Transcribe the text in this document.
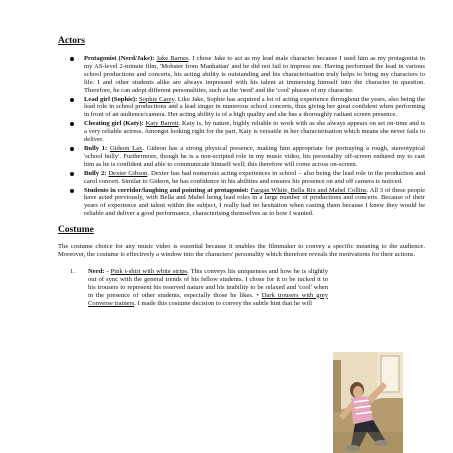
Actors
Protagonist (Nerd/Jake): Jake Barnes. I chose Jake to act as my lead male character because I used him as my protagonist in my AS-level 2-minute film, 'Mobster from Manhattan' and he did not fail to impress me. Having performed the lead in various school productions and concerts, his acting ability is outstanding and his characterisation truly helps to bring my characters to life. I and other students alike are always impressed with his talent at immersing himself into the character in question. Therefore, he can adopt different personalities, such as the 'nerd' and the 'cool' phases of my character.
Lead girl (Sophie): Sophie Carey. Like Jake, Sophie has acquired a lot of acting experience throughout the years, also being the lead role in school productions and a lead singer in numerous school concerts, thus giving her great confident when performing in front of an audience/camera. Her acting ability is of a high quality and she has a thoroughly radiant screen presence.
Cheating girl (Katy): Katy Barrett. Katy is, by nature, highly reliable to work with as she always appears on set on-time and is a very reliable actress. Amongst looking right for the part, Katy is versatile in her characterisation which means she never fails to deliver.
Bully 1: Gideon Lax. Gideon has a strong physical presence, making him appropriate for portraying a rough, stereotypical 'school bully'. Furthermore, though he is a non-scripted role in my music video, his personality off-screen endured my to cast him as he is confident and able to communicate himself well; this therefore will come across on-screen.
Bully 2: Dexter Gibson. Dexter has had numerous acting experiences in school – also being the lead role in the production and carol concert. Similar to Gideon, he has confidence in his abilities and ensures his presence on and off camera is noticed.
Students in corridor/laughing and pointing at protagonist: Faegan White, Bella Rix and Mabel Collins. All 3 of these people have acted previously, with Bella and Mabel being lead roles in a large number of productions and concerts. Because of their years of experience and talent within the subject, I really had no hesitation when casting them because I knew they would be reliable and deliver a good performance, characterising themselves as to how I wanted.
Costume

The costume choice for any music video is essential because it enables the filmmaker to convey a specific meaning to the audience. Moreover, the costume is effectively a window into the characters' personality which therefore reveals the motivations for their actions.

1. Nerd: - Pink t-shirt with white strips. This conveys his uniqueness and how he is slightly out of sync with the general trends of his fellow students. I chose for it to be tucked it to his trousers to represent his reserved nature and his inability to be relaxed and 'cool' when in the presence of other students, especially those he likes. • Dark trousers with grey Converse trainers. I made this costume decision to convey the subtle hint that he will
